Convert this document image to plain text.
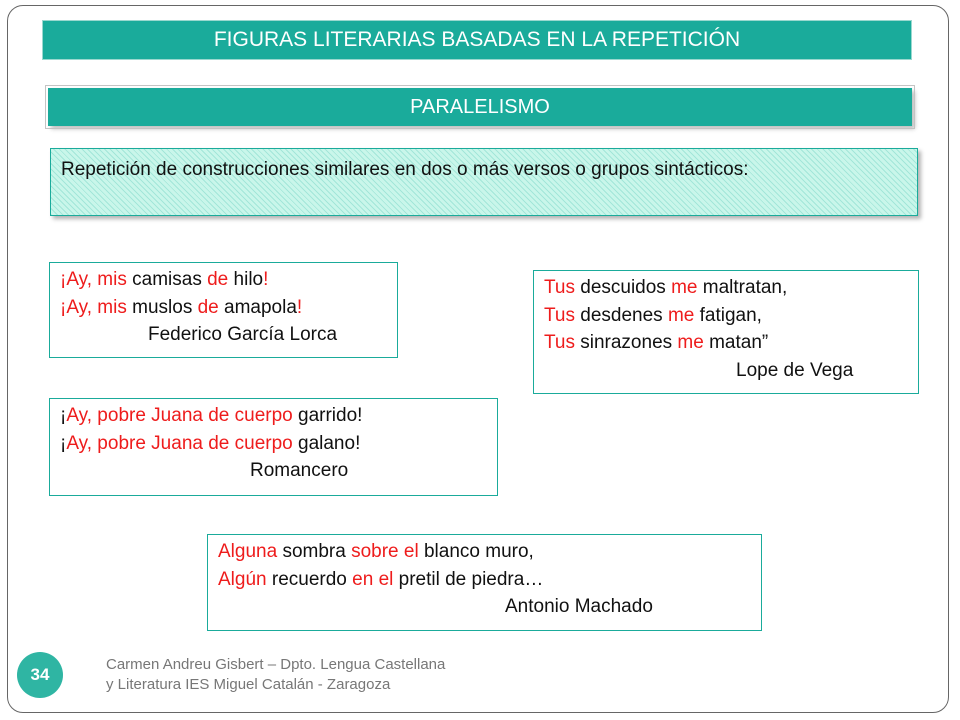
FIGURAS LITERARIAS BASADAS EN LA REPETICIÓN
PARALELISMO
Repetición de construcciones similares en dos o más versos o grupos sintácticos:
¡Ay, mis camisas de hilo!
¡Ay, mis muslos de amapola!
Federico García Lorca
Tus descuidos me maltratan,
Tus desdenes me fatigan,
Tus sinrazones me matan”
Lope de Vega
¡Ay, pobre Juana de cuerpo garrido!
¡Ay, pobre Juana de cuerpo galano!
Romancero
Alguna sombra sobre el blanco muro,
Algún recuerdo en el pretil de piedra…
Antonio Machado
34
Carmen Andreu Gisbert – Dpto. Lengua Castellana
y Literatura IES Miguel Catalán - Zaragoza
